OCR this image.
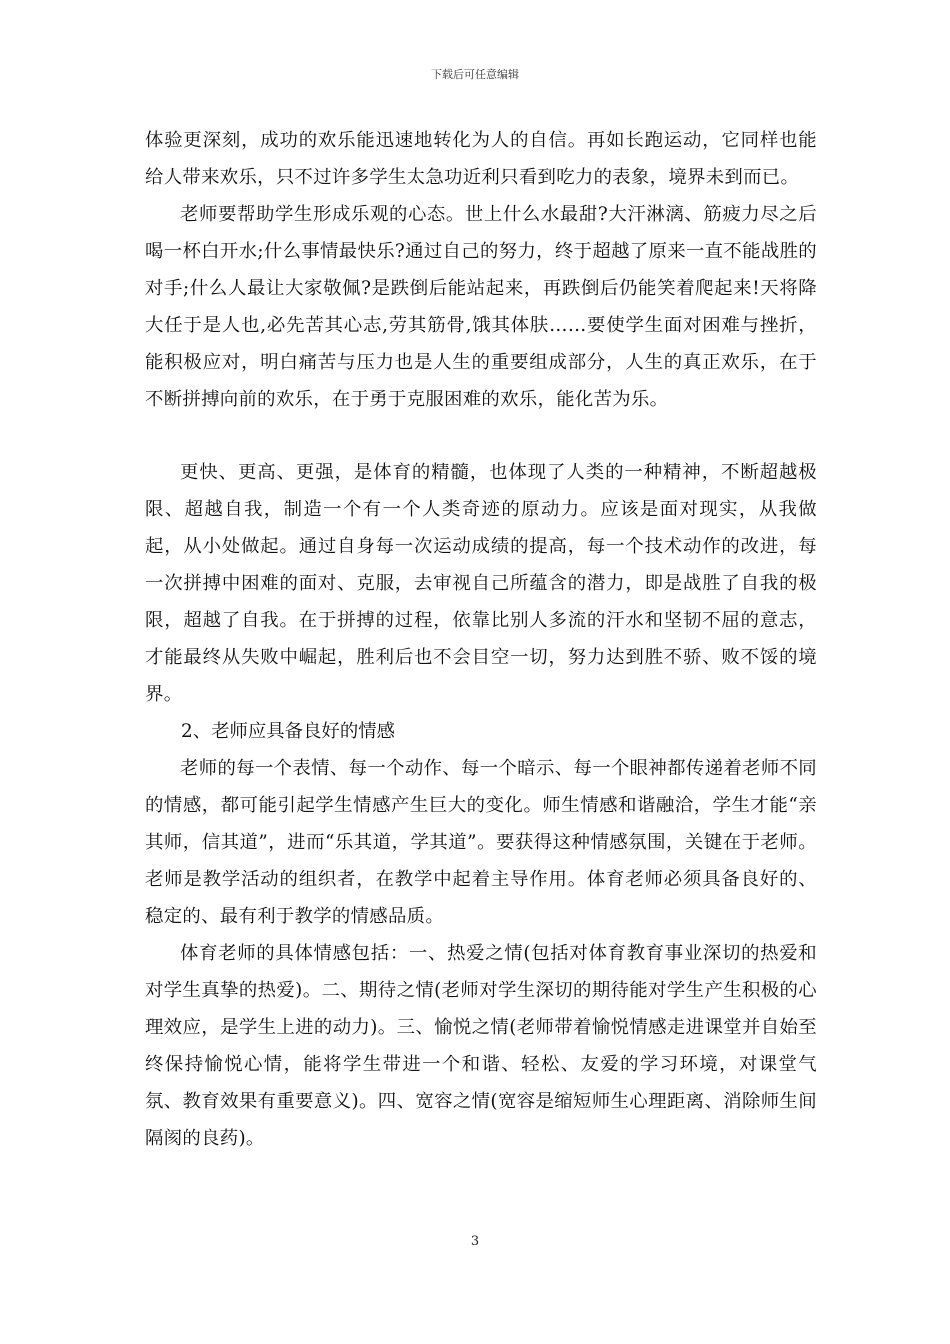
下载后可任意编辑

体验更深刻，成功的欢乐能迅速地转化为人的自信。再如长跑运动，它同样也能给人带来欢乐，只不过许多学生太急功近利只看到吃力的表象，境界未到而已。

老师要帮助学生形成乐观的心态。世上什么水最甜?大汗淋漓、筋疲力尽之后喝一杯白开水;什么事情最快乐?通过自己的努力，终于超越了原来一直不能战胜的对手;什么人最让大家敬佩?是跌倒后能站起来，再跌倒后仍能笑着爬起来!天将降大任于是人也,必先苦其心志,劳其筋骨,饿其体肤……要使学生面对困难与挫折，能积极应对，明白痛苦与压力也是人生的重要组成部分，人生的真正欢乐，在于不断拼搏向前的欢乐，在于勇于克服困难的欢乐，能化苦为乐。

更快、更高、更强，是体育的精髓，也体现了人类的一种精神，不断超越极限、超越自我，制造一个有一个人类奇迹的原动力。应该是面对现实，从我做起，从小处做起。通过自身每一次运动成绩的提高，每一个技术动作的改进，每一次拼搏中困难的面对、克服，去审视自己所蕴含的潜力，即是战胜了自我的极限，超越了自我。在于拼搏的过程，依靠比别人多流的汗水和坚韧不屈的意志，才能最终从失败中崛起，胜利后也不会目空一切，努力达到胜不骄、败不馁的境界。

2、老师应具备良好的情感

老师的每一个表情、每一个动作、每一个暗示、每一个眼神都传递着老师不同的情感，都可能引起学生情感产生巨大的变化。师生情感和谐融洽，学生才能“亲其师，信其道”，进而“乐其道，学其道”。要获得这种情感氛围，关键在于老师。老师是教学活动的组织者，在教学中起着主导作用。体育老师必须具备良好的、稳定的、最有利于教学的情感品质。

体育老师的具体情感包括：一、热爱之情(包括对体育教育事业深切的热爱和对学生真挚的热爱)。二、期待之情(老师对学生深切的期待能对学生产生积极的心理效应，是学生上进的动力)。三、愉悦之情(老师带着愉悦情感走进课堂并自始至终保持愉悦心情，能将学生带进一个和谐、轻松、友爱的学习环境，对课堂气氛、教育效果有重要意义)。四、宽容之情(宽容是缩短师生心理距离、消除师生间隔阂的良药)。

3
